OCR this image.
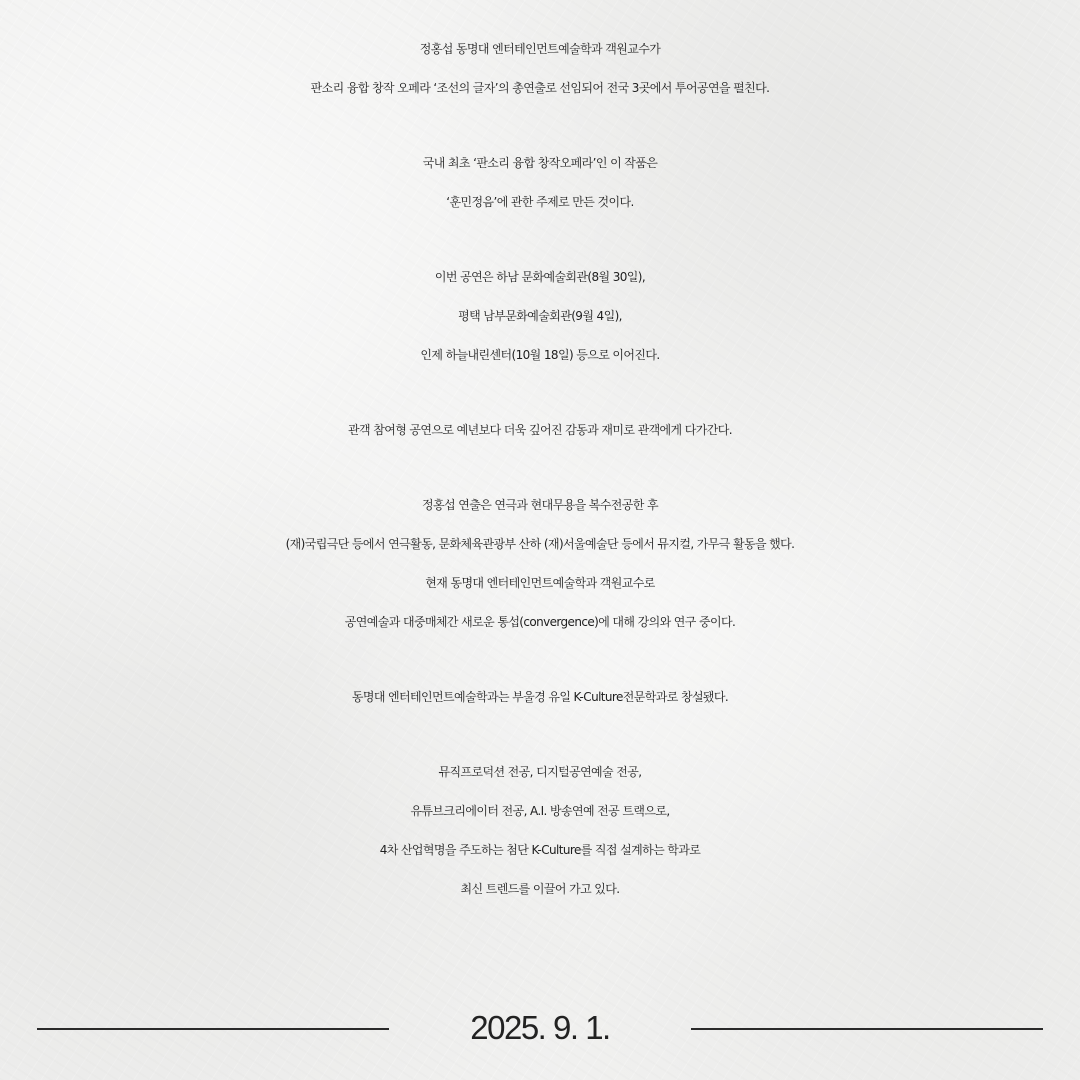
정홍섭 동명대 엔터테인먼트예술학과 객원교수가
판소리 융합 창작 오페라 ‘조선의 글자’의 총연출로 선임되어 전국 3곳에서 투어공연을 펼친다.
국내 최초 ‘판소리 융합 창작오페라’인 이 작품은
‘훈민정음’에 관한 주제로 만든 것이다.
이번 공연은 하남 문화예술회관(8월 30일),
평택 남부문화예술회관(9월 4일),
인제 하늘내린센터(10월 18일) 등으로 이어진다.
관객 참여형 공연으로 예년보다 더욱 깊어진 감동과 재미로 관객에게 다가간다.
정홍섭 연출은 연극과 현대무용을 복수전공한 후
(재)국립극단 등에서 연극활동, 문화체육관광부 산하 (재)서울예술단 등에서 뮤지컬, 가무극 활동을 했다.
현재 동명대 엔터테인먼트예술학과 객원교수로
공연예술과 대중매체간 새로운 통섭(convergence)에 대해 강의와 연구 중이다.
동명대 엔터테인먼트예술학과는 부울경 유일 K-Culture전문학과로 창설됐다.
뮤직프로덕션 전공, 디지털공연예술 전공,
유튜브크리에이터 전공, A.I. 방송연예 전공 트랙으로,
4차 산업혁명을 주도하는 첨단 K-Culture를 직접 설계하는 학과로
최신 트렌드를 이끌어 가고 있다.
2025. 9. 1.
